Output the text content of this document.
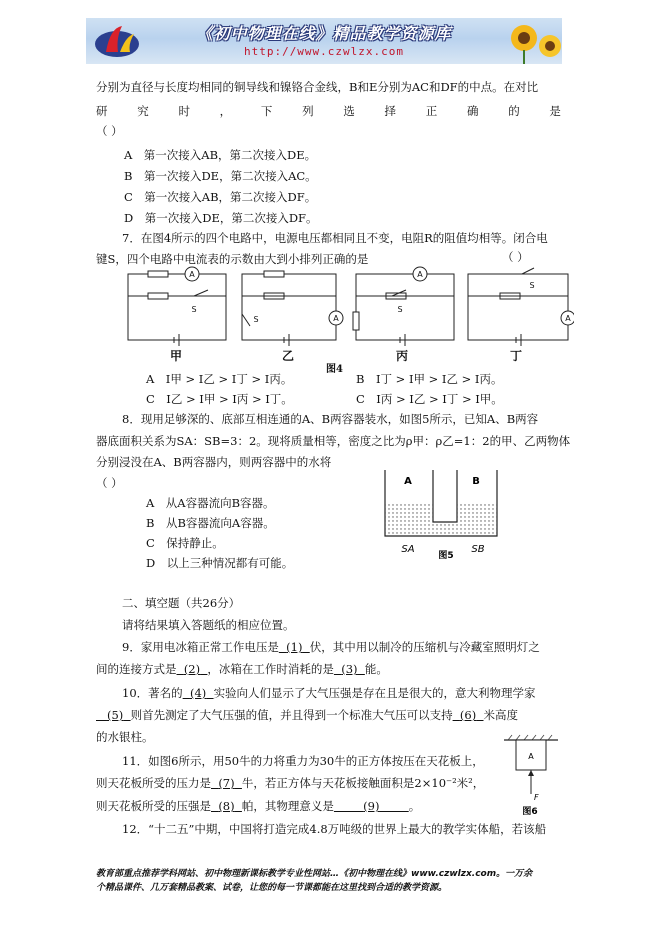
《初中物理在线》精品教学资源库
http://www.czwlzx.com
分别为直径与长度均相同的铜导线和镍铬合金线，B和E分别为AC和DF的中点。在对比
研	究	时	，	下	列	选	择	正	确	的	是
（ ）
A　第一次接入AB，第二次接入DE。
B　第一次接入DE，第二次接入AC。
C　第一次接入AB，第二次接入DF。
D　第一次接入DE，第二次接入DF。
7．在图4所示的四个电路中，电源电压都相同且不变，电阻R的阻值均相等。闭合电
键S，四个电路中电流表的示数由大到小排列正确的是	（ ）
A
A
A
A
S
S
S
S
甲	乙	丙	丁
图4
A　I甲 > I乙 > I丁 > I丙。	B　I丁 > I甲 > I乙 > I丙。
C　I乙 > I甲 > I丙 > I丁。	C　I丙 > I乙 > I丁 > I甲。
8．现用足够深的、底部互相连通的A、B两容器装水，如图5所示，已知A、B两容
器底面积关系为SA：SB=3：2。现将质量相等，密度之比为ρ甲：ρ乙=1：2的甲、乙两物体
分别浸没在A、B两容器内，则两容器中的水将
（ ）
A　从A容器流向B容器。
B　从B容器流向A容器。
C　保持静止。
D　以上三种情况都有可能。
A	B
SA	SB
图5
二、填空题（共26分）
请将结果填入答题纸的相应位置。
9．家用电冰箱正常工作电压是 (1) 伏，其中用以制冷的压缩机与冷藏室照明灯之
间的连接方式是 (2) ，冰箱在工作时消耗的是 (3) 能。
10．著名的 (4) 实验向人们显示了大气压强是存在且是很大的，意大利物理学家
(5) 则首先测定了大气压强的值，并且得到一个标准大气压可以支持 (6) 米高度
的水银柱。
11．如图6所示，用50牛的力将重力为30牛的正方体按压在天花板上，
则天花板所受的压力是 (7) 牛，若正方体与天花板接触面积是2×10⁻²米²，
则天花板所受的压强是 (8) 帕，其物理意义是	(9)	。
A
F
图6
12．“十二五”中期，中国将打造完成4.8万吨级的世界上最大的教学实体船，若该船
教育部重点推荐学科网站、初中物理新课标教学专业性网站…《初中物理在线》www.czwlzx.com。一万余
个精品课件、几万套精品教案、试卷，让您的每一节课都能在这里找到合适的教学资源。
